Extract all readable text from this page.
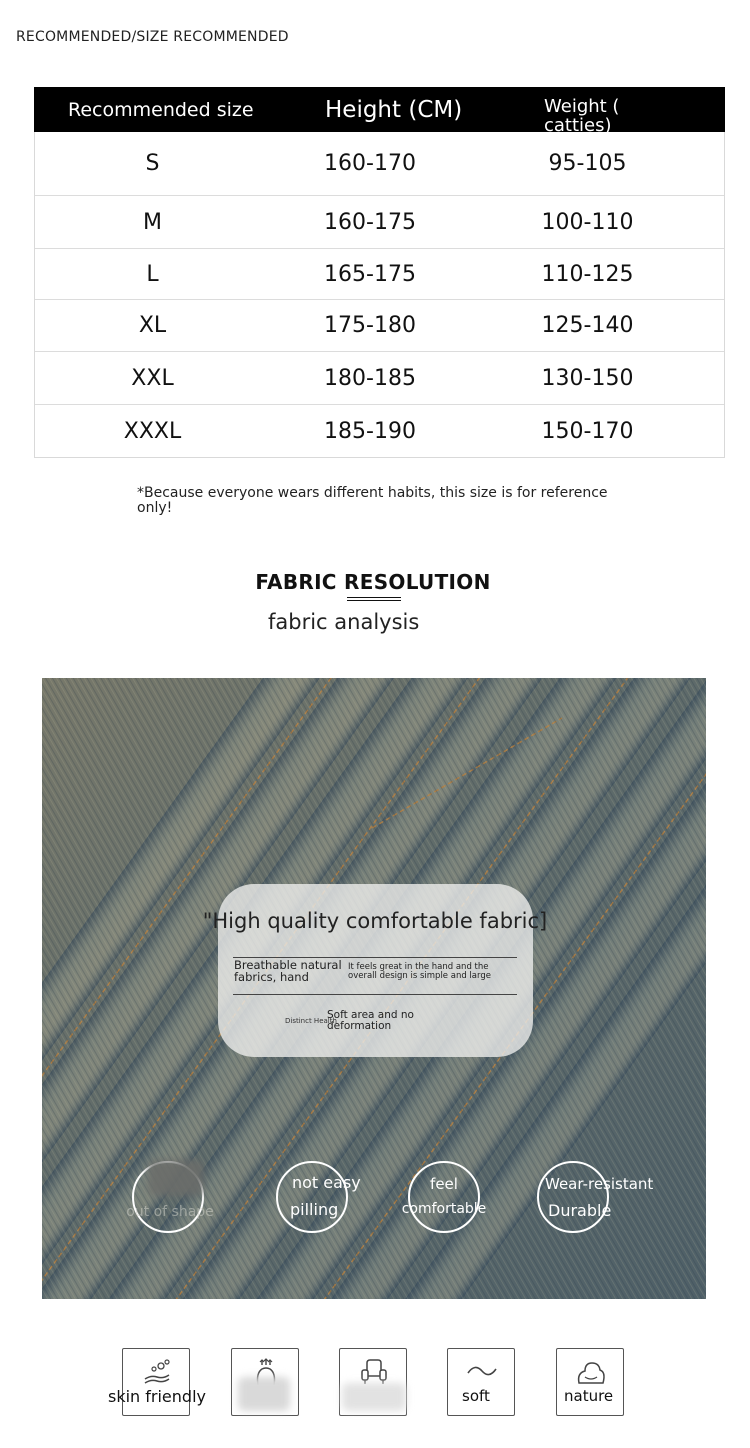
RECOMMENDED/SIZE RECOMMENDED
Recommended size	Height (CM)	Weight ( catties)
S	160-170	95-105
M	160-175	100-110
L	165-175	110-125
XL	175-180	125-140
XXL	180-185	130-150
XXXL	185-190	150-170
*Because everyone wears different habits, this size is for reference only!
FABRIC RESOLUTION
fabric analysis
"High quality comfortable fabric]
Breathable natural fabrics, hand
It feels great in the hand and the overall design is simple and large
Distinct Health
Soft area and no deformation
out of shape
not easy
pilling
feel
comfortable
Wear-resistant
Durable
skin friendly	soft	nature
